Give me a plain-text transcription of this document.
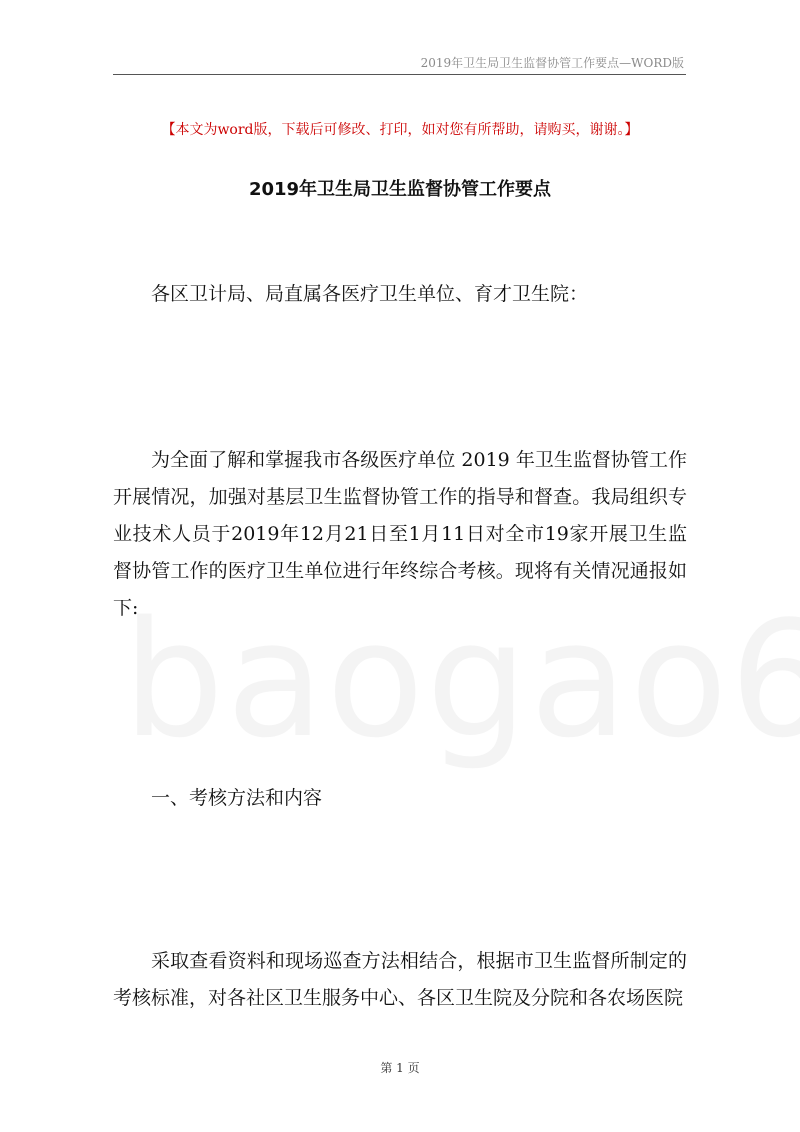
2019年卫生局卫生监督协管工作要点—WORD版
【本文为word版，下载后可修改、打印，如对您有所帮助，请购买，谢谢。】
2019年卫生局卫生监督协管工作要点

各区卫计局、局直属各医疗卫生单位、育才卫生院：

为全面了解和掌握我市各级医疗单位 2019 年卫生监督协管工作开展情况，加强对基层卫生监督协管工作的指导和督查。我局组织专业技术人员于2019年12月21日至1月11日对全市19家开展卫生监督协管工作的医疗卫生单位进行年终综合考核。现将有关情况通报如下:

一、考核方法和内容

采取查看资料和现场巡查方法相结合，根据市卫生监督所制定的考核标准，对各社区卫生服务中心、各区卫生院及分院和各农场医院

第 1 页
